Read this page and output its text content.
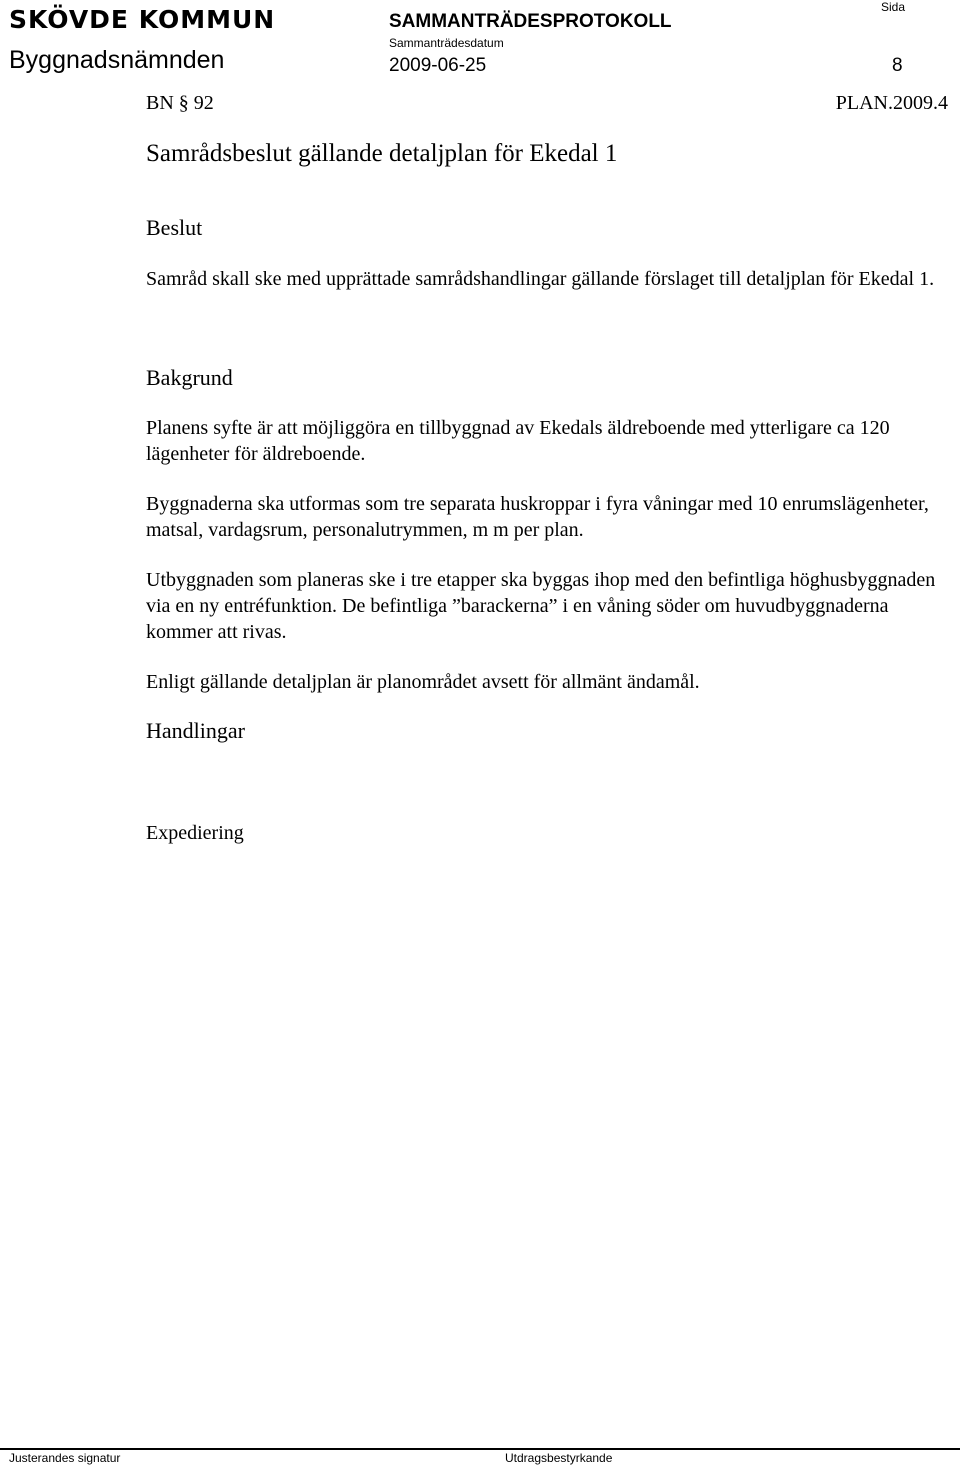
SKÖVDE KOMMUN
Byggnadsnämnden
SAMMANTRÄDESPROTOKOLL
Sammanträdesdatum
2009-06-25
Sida
8
BN § 92	PLAN.2009.4
Samrådsbeslut gällande detaljplan för Ekedal 1
Beslut

Samråd skall ske med upprättade samrådshandlingar gällande förslaget till detaljplan för Ekedal 1.

Bakgrund

Planens syfte är att möjliggöra en tillbyggnad av Ekedals äldreboende med ytterligare ca 120 lägenheter för äldreboende.

Byggnaderna ska utformas som tre separata huskroppar i fyra våningar med 10 enrumslägenheter, matsal, vardagsrum, personalutrymmen, m m per plan.

Utbyggnaden som planeras ske i tre etapper ska byggas ihop med den befintliga höghusbyggnaden via en ny entréfunktion. De befintliga ”barackerna” i en våning söder om huvudbyggnaderna kommer att rivas.

Enligt gällande detaljplan är planområdet avsett för allmänt ändamål.

Handlingar
Expediering
Justerandes signatur	Utdragsbestyrkande
